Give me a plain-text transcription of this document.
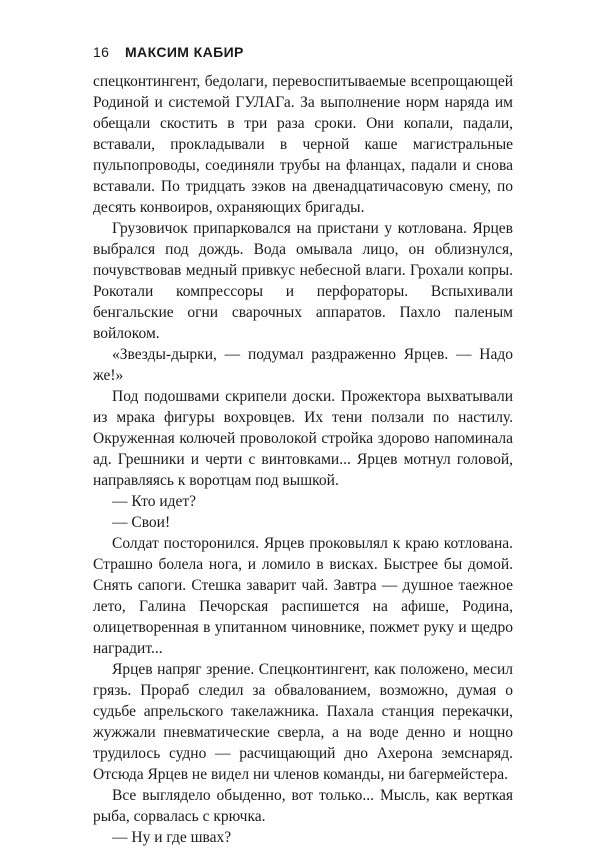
16 МАКСИМ КАБИР

спецконтингент, бедолаги, перевоспитываемые всепрощающей Родиной и системой ГУЛАГа. За выполнение норм наряда им обещали скостить в три раза сроки. Они копали, падали, вставали, прокладывали в черной каше магистральные пульпопроводы, соединяли трубы на фланцах, падали и снова вставали. По тридцать зэков на двенадцатичасовую смену, по десять конвоиров, охраняющих бригады.

Грузовичок припарковался на пристани у котлована. Ярцев выбрался под дождь. Вода омывала лицо, он облизнулся, почувствовав медный привкус небесной влаги. Грохали копры. Рокотали компрессоры и перфораторы. Вспыхивали бенгальские огни сварочных аппаратов. Пахло паленым войлоком.

«Звезды-дырки, — подумал раздраженно Ярцев. — Надо же!»

Под подошвами скрипели доски. Прожектора выхватывали из мрака фигуры вохровцев. Их тени ползали по настилу. Окруженная колючей проволокой стройка здорово напоминала ад. Грешники и черти с винтовками... Ярцев мотнул головой, направляясь к воротцам под вышкой.

— Кто идет?

— Свои!

Солдат посторонился. Ярцев проковылял к краю котлована. Страшно болела нога, и ломило в висках. Быстрее бы домой. Снять сапоги. Стешка заварит чай. Завтра — душное таежное лето, Галина Печорская распишется на афише, Родина, олицетворенная в упитанном чиновнике, пожмет руку и щедро наградит...

Ярцев напряг зрение. Спецконтингент, как положено, месил грязь. Прораб следил за обвалованием, возможно, думая о судьбе апрельского такелажника. Пахала станция перекачки, жужжали пневматические сверла, а на воде денно и нощно трудилось судно — расчищающий дно Ахерона земснаряд. Отсюда Ярцев не видел ни членов команды, ни багермейстера.

Все выглядело обыденно, вот только... Мысль, как верткая рыба, сорвалась с крючка.

— Ну и где швах?
